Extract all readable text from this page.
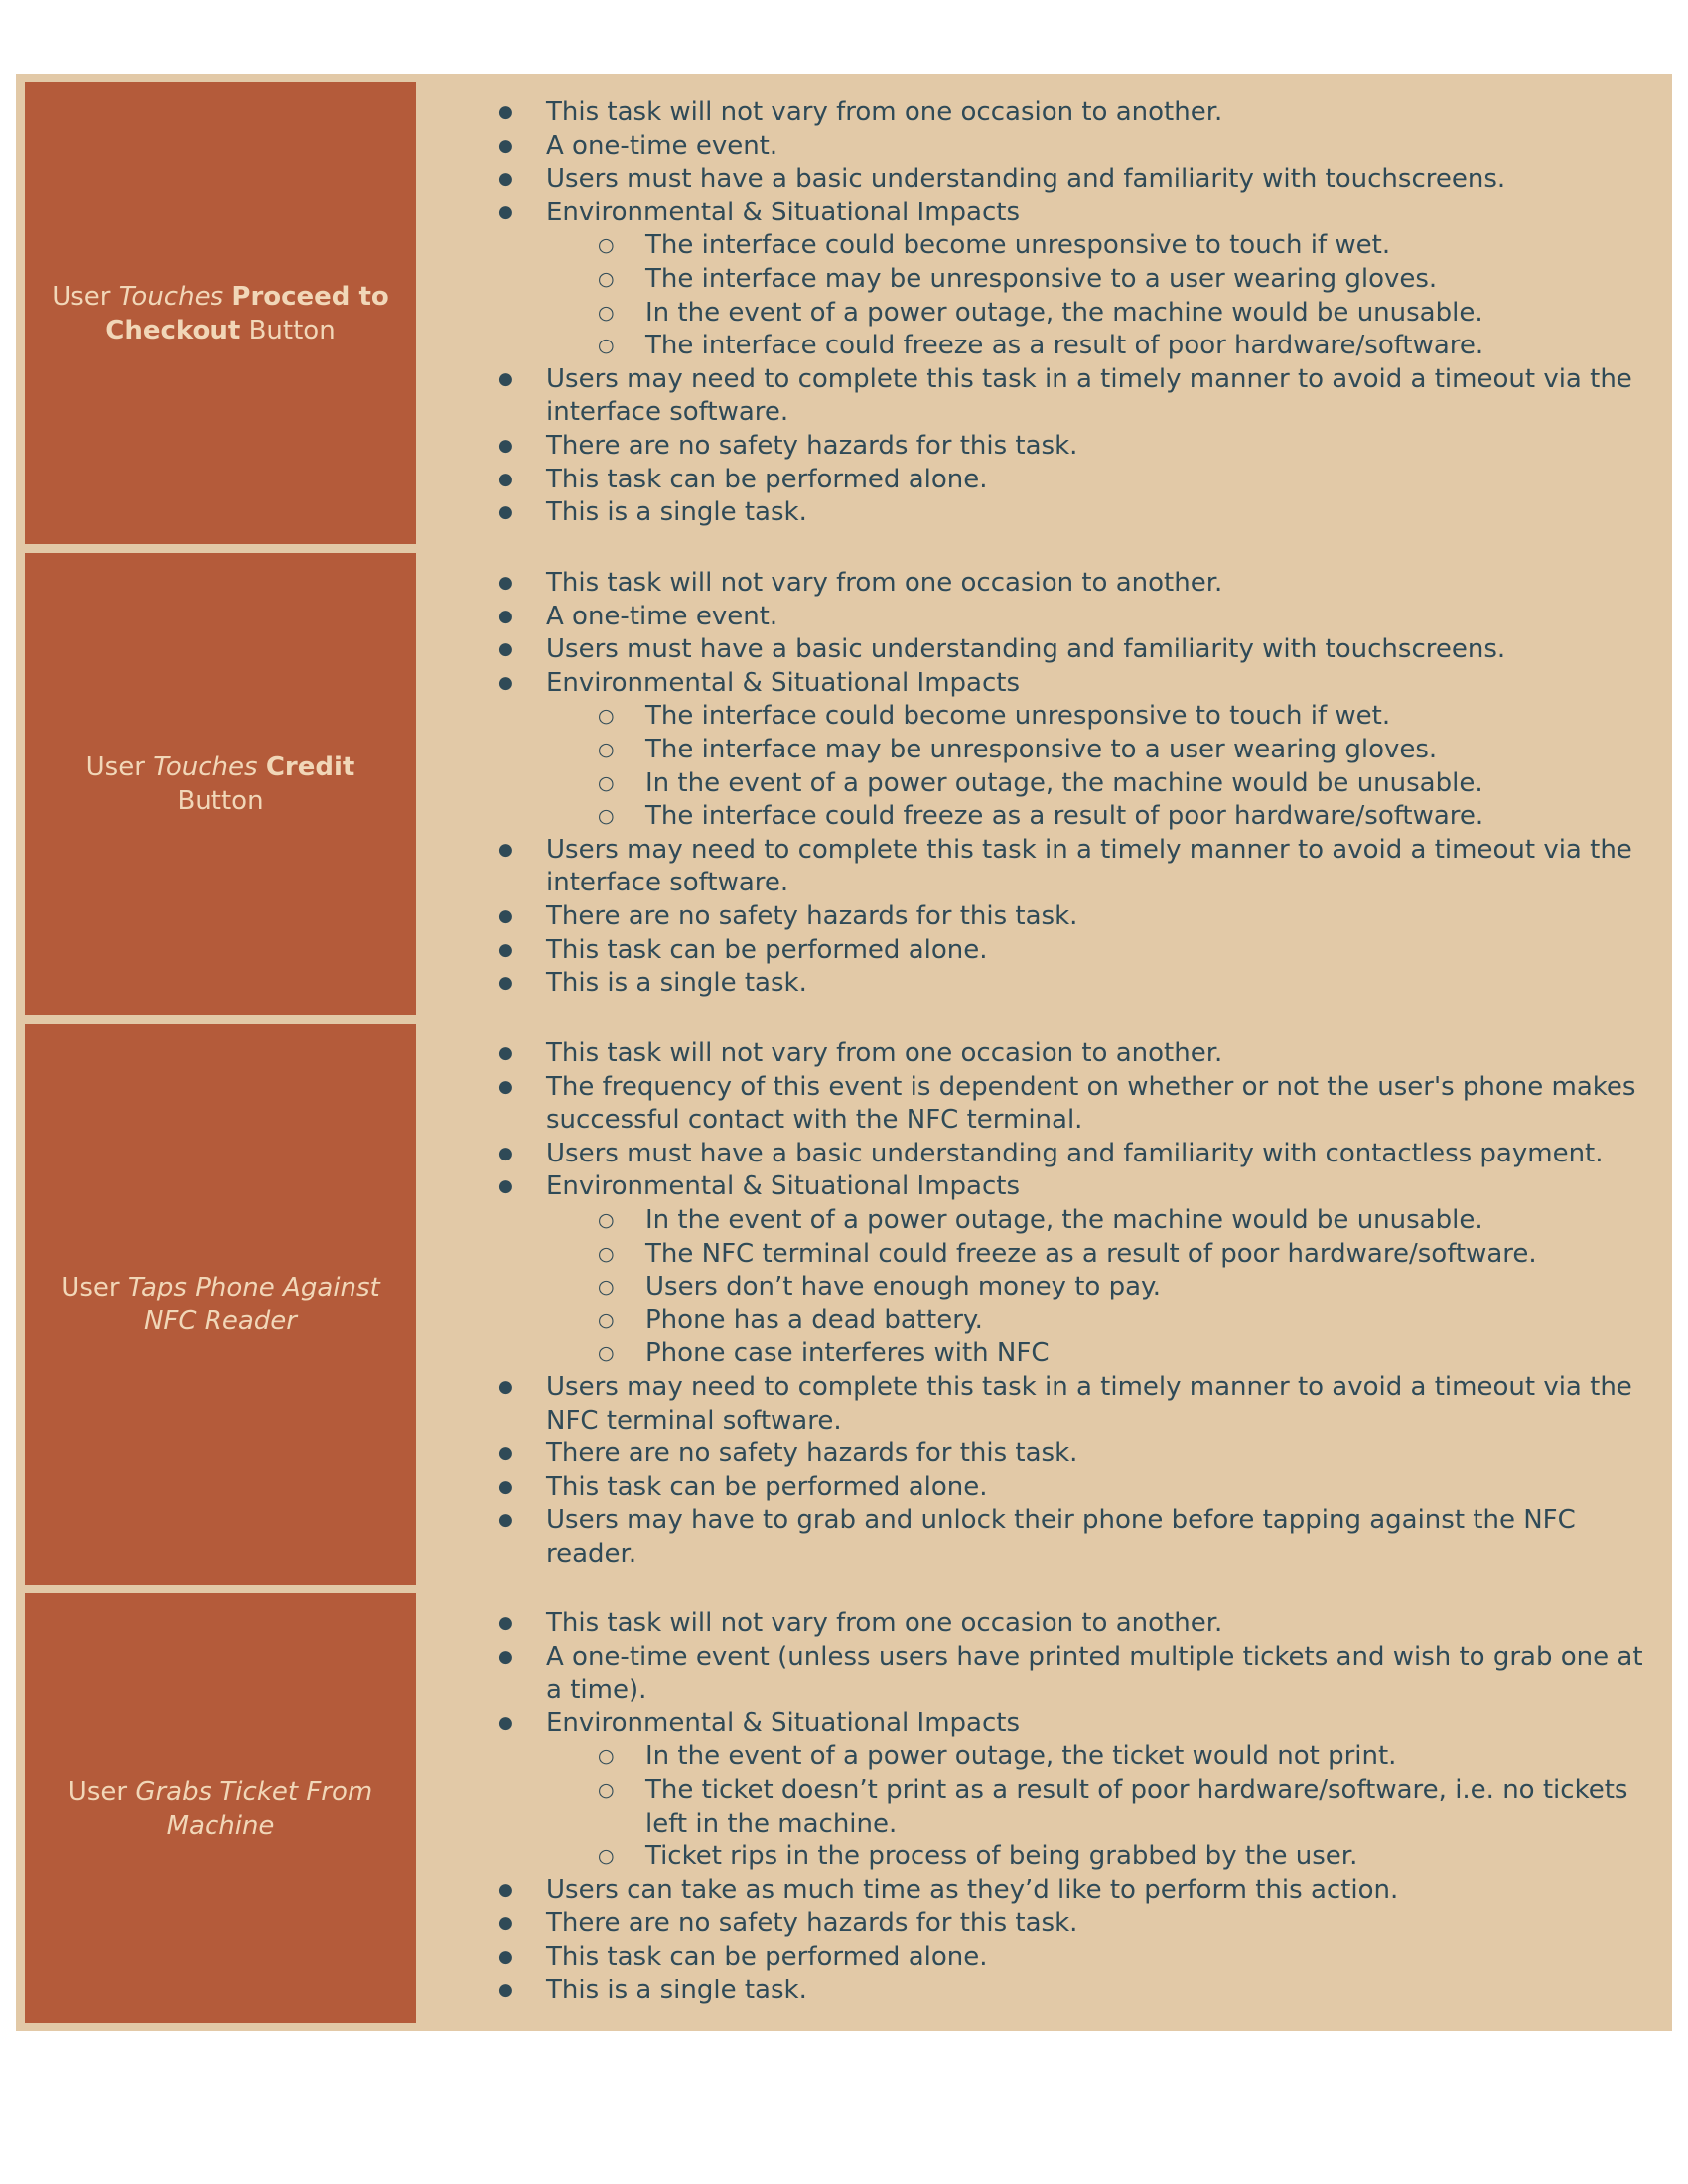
User Touches Proceed to Checkout Button
● This task will not vary from one occasion to another.
● A one-time event.
● Users must have a basic understanding and familiarity with touchscreens.
● Environmental & Situational Impacts
○ The interface could become unresponsive to touch if wet.
○ The interface may be unresponsive to a user wearing gloves.
○ In the event of a power outage, the machine would be unusable.
○ The interface could freeze as a result of poor hardware/software.
● Users may need to complete this task in a timely manner to avoid a timeout via the interface software.
● There are no safety hazards for this task.
● This task can be performed alone.
● This is a single task.
User Touches Credit Button
● This task will not vary from one occasion to another.
● A one-time event.
● Users must have a basic understanding and familiarity with touchscreens.
● Environmental & Situational Impacts
○ The interface could become unresponsive to touch if wet.
○ The interface may be unresponsive to a user wearing gloves.
○ In the event of a power outage, the machine would be unusable.
○ The interface could freeze as a result of poor hardware/software.
● Users may need to complete this task in a timely manner to avoid a timeout via the interface software.
● There are no safety hazards for this task.
● This task can be performed alone.
● This is a single task.
User Taps Phone Against NFC Reader
● This task will not vary from one occasion to another.
● The frequency of this event is dependent on whether or not the user's phone makes successful contact with the NFC terminal.
● Users must have a basic understanding and familiarity with contactless payment.
● Environmental & Situational Impacts
○ In the event of a power outage, the machine would be unusable.
○ The NFC terminal could freeze as a result of poor hardware/software.
○ Users don’t have enough money to pay.
○ Phone has a dead battery.
○ Phone case interferes with NFC
● Users may need to complete this task in a timely manner to avoid a timeout via the NFC terminal software.
● There are no safety hazards for this task.
● This task can be performed alone.
● Users may have to grab and unlock their phone before tapping against the NFC reader.
User Grabs Ticket From Machine
● This task will not vary from one occasion to another.
● A one-time event (unless users have printed multiple tickets and wish to grab one at a time).
● Environmental & Situational Impacts
○ In the event of a power outage, the ticket would not print.
○ The ticket doesn’t print as a result of poor hardware/software, i.e. no tickets left in the machine.
○ Ticket rips in the process of being grabbed by the user.
● Users can take as much time as they’d like to perform this action.
● There are no safety hazards for this task.
● This task can be performed alone.
● This is a single task.
